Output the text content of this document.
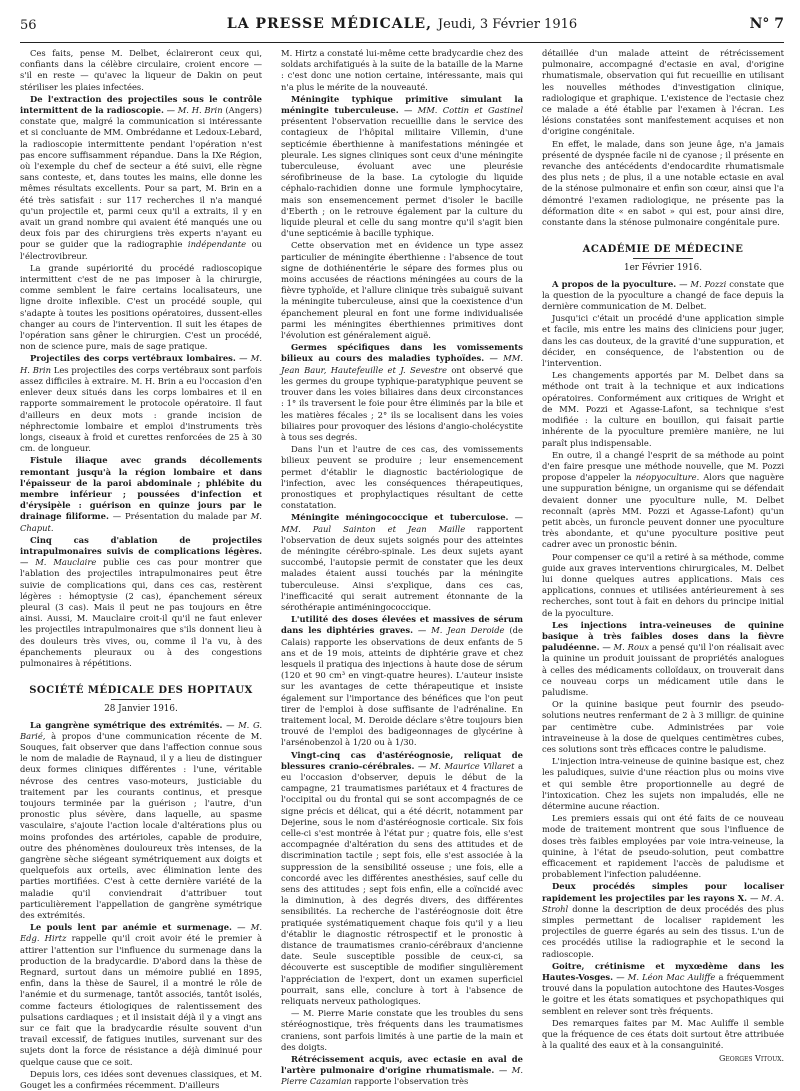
56	LA PRESSE MÉDICALE, Jeudi, 3 Février 1916	N° 7

Ces faits, pense M. Delbet, éclaireront ceux qui, confiants dans la célèbre circulaire, croient encore — s'il en reste — qu'avec la liqueur de Dakin on peut stériliser les plaies infectées.

De l'extraction des projectiles sous le contrôle intermittent de la radioscopie. — M. H. Brin (Angers) constate que, malgré la communication si intéressante et si concluante de MM. Ombrédanne et Ledoux-Lebard, la radioscopie intermittente pendant l'opération n'est pas encore suffisamment répandue. Dans la IXe Région, où l'exemple du chef de secteur a été suivi, elle règne sans conteste, et, dans toutes les mains, elle donne les mêmes résultats excellents. Pour sa part, M. Brin en a été très satisfait : sur 117 recherches il n'a manqué qu'un projectile et, parmi ceux qu'il a extraits, il y en avait un grand nombre qui avaient été manqués une ou deux fois par des chirurgiens très experts n'ayant eu pour se guider que la radiographie indépendante ou l'électrovibreur.

La grande supériorité du procédé radioscopique intermittent c'est de ne pas imposer à la chirurgie, comme semblent le faire certains localisateurs, une ligne droite inflexible. C'est un procédé souple, qui s'adapte à toutes les positions opératoires, dussent-elles changer au cours de l'intervention. Il suit les étapes de l'opération sans gêner le chirurgien. C'est un procédé, non de science pure, mais de sage pratique.

Projectiles des corps vertébraux lombaires. — M. H. Brin Les projectiles des corps vertébraux sont parfois assez difficiles à extraire. M. H. Brin a eu l'occasion d'en enlever deux situés dans les corps lombaires et il en rapporte sommairement le protocole opératoire. Il faut d'ailleurs en deux mots : grande incision de néphrectomie lombaire et emploi d'instruments très longs, ciseaux à froid et curettes renforcées de 25 à 30 cm. de longueur.

Fistule iliaque avec grands décollements remontant jusqu'à la région lombaire et dans l'épaisseur de la paroi abdominale ; phlébite du membre inférieur ; poussées d'infection et d'érysipèle : guérison en quinze jours par le drainage filiforme. — Présentation du malade par M. Chaput.

Cinq cas d'ablation de projectiles intrapulmonaires suivis de complications légères. — M. Mauclaire publie ces cas pour montrer que l'ablation des projectiles intrapulmonaires peut être suivie de complications qui, dans ces cas, restèrent légères : hémoptysie (2 cas), épanchement séreux pleural (3 cas). Mais il peut ne pas toujours en être ainsi. Aussi, M. Mauclaire croit-il qu'il ne faut enlever les projectiles intrapulmonaires que s'ils donnent lieu à des douleurs très vives, ou, comme il l'a vu, à des épanchements pleuraux ou à des congestions pulmonaires à répétitions.

SOCIÉTÉ MÉDICALE DES HOPITAUX
28 Janvier 1916.

La gangrène symétrique des extrémités. — M. G. Barié, à propos d'une communication récente de M. Souques, fait observer que dans l'affection connue sous le nom de maladie de Raynaud, il y a lieu de distinguer deux formes cliniques différentes : l'une, véritable névrose des centres vaso-moteurs, justiciable du traitement par les courants continus, et presque toujours terminée par la guérison ; l'autre, d'un pronostic plus sévère, dans laquelle, au spasme vasculaire, s'ajoute l'action locale d'altérations plus ou moins profondes des artérioles, capable de produire, outre des phénomènes douloureux très intenses, de la gangrène sèche siégeant symétriquement aux doigts et quelquefois aux orteils, avec élimination lente des parties mortifiées. C'est à cette dernière variété de la maladie qu'il conviendrait d'attribuer tout particulièrement l'appellation de gangrène symétrique des extrémités.

Le pouls lent par anémie et surmenage. — M. Edg. Hirtz rappelle qu'il croit avoir été le premier à attirer l'attention sur l'influence du surmenage dans la production de la bradycardie. D'abord dans la thèse de Regnard, surtout dans un mémoire publié en 1895, enfin, dans la thèse de Saurel, il a montré le rôle de l'anémie et du surmenage, tantôt associés, tantôt isolés, comme facteurs étiologiques de ralentissement des pulsations cardiaques ; et il insistait déjà il y a vingt ans sur ce fait que la bradycardie résulte souvent d'un travail excessif, de fatigues inutiles, survenant sur des sujets dont la force de résistance a déjà diminué pour quelque cause que ce soit.

Depuis lors, ces idées sont devenues classiques, et M. Gouget les a confirmées récemment. D'ailleurs

M. Hirtz a constaté lui-même cette bradycardie chez des soldats archifatigués à la suite de la bataille de la Marne : c'est donc une notion certaine, intéressante, mais qui n'a plus le mérite de la nouveauté.

Méningite typhique primitive simulant la méningite tuberculeuse. — MM. Cottin et Gastinel présentent l'observation recueillie dans le service des contagieux de l'hôpital militaire Villemin, d'une septicémie éberthienne à manifestations méningée et pleurale. Les signes cliniques sont ceux d'une méningite tuberculeuse, évoluant avec une pleurésie sérofibrineuse de la base. La cytologie du liquide céphalo-rachidien donne une formule lymphocytaire, mais son ensemencement permet d'isoler le bacille d'Eberth ; on le retrouve également par la culture du liquide pleural et celle du sang montre qu'il s'agit bien d'une septicémie à bacille typhique.

Cette observation met en évidence un type assez particulier de méningite éberthienne : l'absence de tout signe de dothiénentérie le sépare des formes plus ou moins accusées de réactions méningées au cours de la fièvre typhoïde, et l'allure clinique très subaiguë suivant la méningite tuberculeuse, ainsi que la coexistence d'un épanchement pleural en font une forme individualisée parmi les méningites éberthiennes primitives dont l'évolution est généralement aiguë.

Germes spécifiques dans les vomissements bilieux au cours des maladies typhoïdes. — MM. Jean Baur, Hautefeuille et J. Sevestre ont observé que les germes du groupe typhique-paratyphique peuvent se trouver dans les voies biliaires dans deux circonstances : 1° ils traversent le foie pour être éliminés par la bile et les matières fécales ; 2° ils se localisent dans les voies biliaires pour provoquer des lésions d'angio-cholécystite à tous ses degrés.

Dans l'un et l'autre de ces cas, des vomissements bilieux peuvent se produire ; leur ensemencement permet d'établir le diagnostic bactériologique de l'infection, avec les conséquences thérapeutiques, pronostiques et prophylactiques résultant de cette constatation.

Méningite méningococcique et tuberculose. — MM. Paul Sainton et Jean Maille rapportent l'observation de deux sujets soignés pour des atteintes de méningite cérébro-spinale. Les deux sujets ayant succombé, l'autopsie permit de constater que les deux malades étaient aussi touchés par la méningite tuberculeuse. Ainsi s'explique, dans ces cas, l'inefficacité qui serait autrement étonnante de la sérothérapie antiméningococcique.

L'utilité des doses élevées et massives de sérum dans les diphtéries graves. — M. Jean Deroide (de Calais) rapporte les observations de deux enfants de 5 ans et de 19 mois, atteints de diphtérie grave et chez lesquels il pratiqua des injections à haute dose de sérum (120 et 90 cm³ en vingt-quatre heures). L'auteur insiste sur les avantages de cette thérapeutique et insiste également sur l'importance des bénéfices que l'on peut tirer de l'emploi à dose suffisante de l'adrénaline. En traitement local, M. Deroide déclare s'être toujours bien trouvé de l'emploi des badigeonnages de glycérine à l'arsénobenzol à 1/20 ou à 1/30.

Vingt-cinq cas d'astéréognosie, reliquat de blessures cranio-cérébrales. — M. Maurice Villaret a eu l'occasion d'observer, depuis le début de la campagne, 21 traumatismes pariétaux et 4 fractures de l'occipital ou du frontal qui se sont accompagnés de ce signe précis et délicat, qui a été décrit, notamment par Dejerine, sous le nom d'astéréognosie corticale. Six fois celle-ci s'est montrée à l'état pur ; quatre fois, elle s'est accompagnée d'altération du sens des attitudes et de discrimination tactile ; sept fois, elle s'est associée à la suppression de la sensibilité osseuse ; une fois, elle a concordé avec les différentes anesthésies, sauf celle du sens des attitudes ; sept fois enfin, elle a coïncidé avec la diminution, à des degrés divers, des différentes sensibilités. La recherche de l'astéréognosie doit être pratiquée systématiquement chaque fois qu'il y a lieu d'établir le diagnostic rétrospectif et le pronostic à distance de traumatismes cranio-cérébraux d'ancienne date. Seule susceptible possible de ceux-ci, sa découverte est susceptible de modifier singulièrement l'appréciation de l'expert, dont un examen superficiel pourrait, sans elle, conclure à tort à l'absence de reliquats nerveux pathologiques.

— M. Pierre Marie constate que les troubles du sens stéréognostique, très fréquents dans les traumatismes craniens, sont parfois limités à une partie de la main et des doigts.

Rétrécissement acquis, avec ectasie en aval de l'artère pulmonaire d'origine rhumatismale. — M. Pierre Cazamian rapporte l'observation très

détaillée d'un malade atteint de rétrécissement pulmonaire, accompagné d'ectasie en aval, d'origine rhumatismale, observation qui fut recueillie en utilisant les nouvelles méthodes d'investigation clinique, radiologique et graphique. L'existence de l'ectasie chez ce malade a été établie par l'examen à l'écran. Les lésions constatées sont manifestement acquises et non d'origine congénitale.

En effet, le malade, dans son jeune âge, n'a jamais présenté de dyspnée facile ni de cyanose ; il présente en revanche des antécédents d'endocardite rhumatismale des plus nets ; de plus, il a une notable ectasie en aval de la sténose pulmonaire et enfin son cœur, ainsi que l'a démontré l'examen radiologique, ne présente pas la déformation dite « en sabot » qui est, pour ainsi dire, constante dans la sténose pulmonaire congénitale pure.

ACADÉMIE DE MÉDECINE
1er Février 1916.

A propos de la pyoculture. — M. Pozzi constate que la question de la pyoculture a changé de face depuis la dernière communication de M. Delbet.

Jusqu'ici c'était un procédé d'une application simple et facile, mis entre les mains des cliniciens pour juger, dans les cas douteux, de la gravité d'une suppuration, et décider, en conséquence, de l'abstention ou de l'intervention.

Les changements apportés par M. Delbet dans sa méthode ont trait à la technique et aux indications opératoires. Conformément aux critiques de Wright et de MM. Pozzi et Agasse-Lafont, sa technique s'est modifiée : la culture en bouillon, qui faisait partie inhérente de la pyoculture première manière, ne lui paraît plus indispensable.

En outre, il a changé l'esprit de sa méthode au point d'en faire presque une méthode nouvelle, que M. Pozzi propose d'appeler la néopyoculture. Alors que naguère une suppuration bénigne, un organisme qui se défendait devaient donner une pyoculture nulle, M. Delbet reconnaît (après MM. Pozzi et Agasse-Lafont) qu'un petit abcès, un furoncle peuvent donner une pyoculture très abondante, et qu'une pyoculture positive peut cadrer avec un pronostic bénin.

Pour compenser ce qu'il a retiré à sa méthode, comme guide aux graves interventions chirurgicales, M. Delbet lui donne quelques autres applications. Mais ces applications, connues et utilisées antérieurement à ses recherches, sont tout à fait en dehors du principe initial de la pyoculture.

Les injections intra-veineuses de quinine basique à très faibles doses dans la fièvre paludéenne. — M. Roux a pensé qu'il l'on réalisait avec la quinine un produit jouissant de propriétés analogues à celles des médicaments colloïdaux, on trouverait dans ce nouveau corps un médicament utile dans le paludisme.

Or la quinine basique peut fournir des pseudo-solutions neutres renfermant de 2 à 3 milligr. de quinine par centimètre cube. Administrées par voie intraveineuse à la dose de quelques centimètres cubes, ces solutions sont très efficaces contre le paludisme.

L'injection intra-veineuse de quinine basique est, chez les paludiques, suivie d'une réaction plus ou moins vive et qui semble être proportionnelle au degré de l'intoxication. Chez les sujets non impaludés, elle ne détermine aucune réaction.

Les premiers essais qui ont été faits de ce nouveau mode de traitement montrent que sous l'influence de doses très faibles employées par voie intra-veineuse, la quinine, à l'état de pseudo-solution, peut combattre efficacement et rapidement l'accès de paludisme et probablement l'infection paludéenne.

Deux procédés simples pour localiser rapidement les projectiles par les rayons X. — M. A. Strohl donne la description de deux procédés des plus simples permettant de localiser rapidement les projectiles de guerre égarés au sein des tissus. L'un de ces procédés utilise la radiographie et le second la radioscopie.

Goitre, crétinisme et myxœdème dans les Hautes-Vosges. — M. Léon Mac Auliffe a fréquemment trouvé dans la population autochtone des Hautes-Vosges le goitre et les états somatiques et psychopathiques qui semblent en relever sont très fréquents.

Des remarques faites par M. Mac Auliffe il semble que la fréquence de ces états doit surtout être attribuée à la qualité des eaux et à la consanguinité.

Georges Vitoux.
